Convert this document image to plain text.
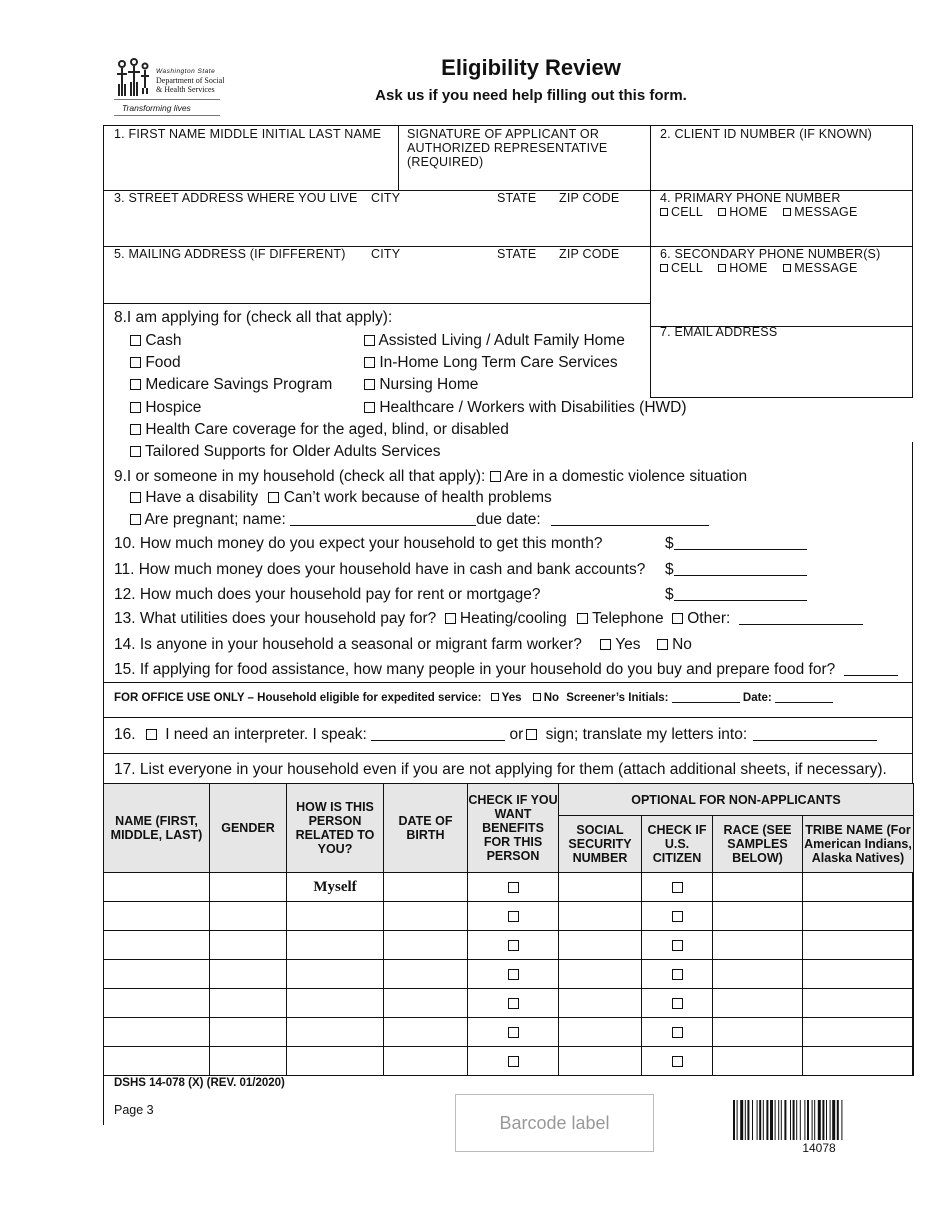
Washington State
Department of Social
& Health Services
Transforming lives
Eligibility Review
Ask us if you need help filling out this form.
1. FIRST NAME MIDDLE INITIAL LAST NAME SIGNATURE OF APPLICANT OR AUTHORIZED REPRESENTATIVE (REQUIRED)
2. CLIENT ID NUMBER (IF KNOWN)
3. STREET ADDRESS WHERE YOU LIVE CITY	STATE ZIP CODE	4. PRIMARY PHONE NUMBER
CELL HOME MESSAGE
5. MAILING ADDRESS (IF DIFFERENT) CITY	STATE ZIP CODE	6. SECONDARY PHONE NUMBER(S)
CELL HOME MESSAGE
7. EMAIL ADDRESS
8.I am applying for (check all that apply):
Cash
Food
Medicare Savings Program
Hospice
Assisted Living / Adult Family Home
In-Home Long Term Care Services
Nursing Home
Healthcare / Workers with Disabilities (HWD)
Health Care coverage for the aged, blind, or disabled
Tailored Supports for Older Adults Services
9.I or someone in my household (check all that apply): Are in a domestic violence situation
Have a disability Can’t work because of health problems
Are pregnant; name:	due date:
10. How much money do you expect your household to get this month?	$
11. How much money does your household have in cash and bank accounts? $
12. How much does your household pay for rent or mortgage?	$
13. What utilities does your household pay for? Heating/cooling Telephone Other:
14. Is anyone in your household a seasonal or migrant farm worker? Yes No
15. If applying for food assistance, how many people in your household do you buy and prepare food for?
FOR OFFICE USE ONLY – Household eligible for expedited service: Yes No Screener’s Initials:	Date:
16. I need an interpreter. I speak:	or sign; translate my letters into:
17. List everyone in your household even if you are not applying for them (attach additional sheets, if necessary).
NAME (FIRST, MIDDLE, LAST)	GENDER	HOW IS THIS PERSON RELATED TO YOU?	DATE OF BIRTH	CHECK IF YOU WANT BENEFITS FOR THIS PERSON	OPTIONAL FOR NON-APPLICANTS			
					SOCIAL SECURITY NUMBER	CHECK IF U.S. CITIZEN	RACE (SEE SAMPLES BELOW)	TRIBE NAME (For American Indians, Alaska Natives)
		Myself						

DSHS 14-078 (X) (REV. 01/2020)
Page 3
Barcode label
14078
